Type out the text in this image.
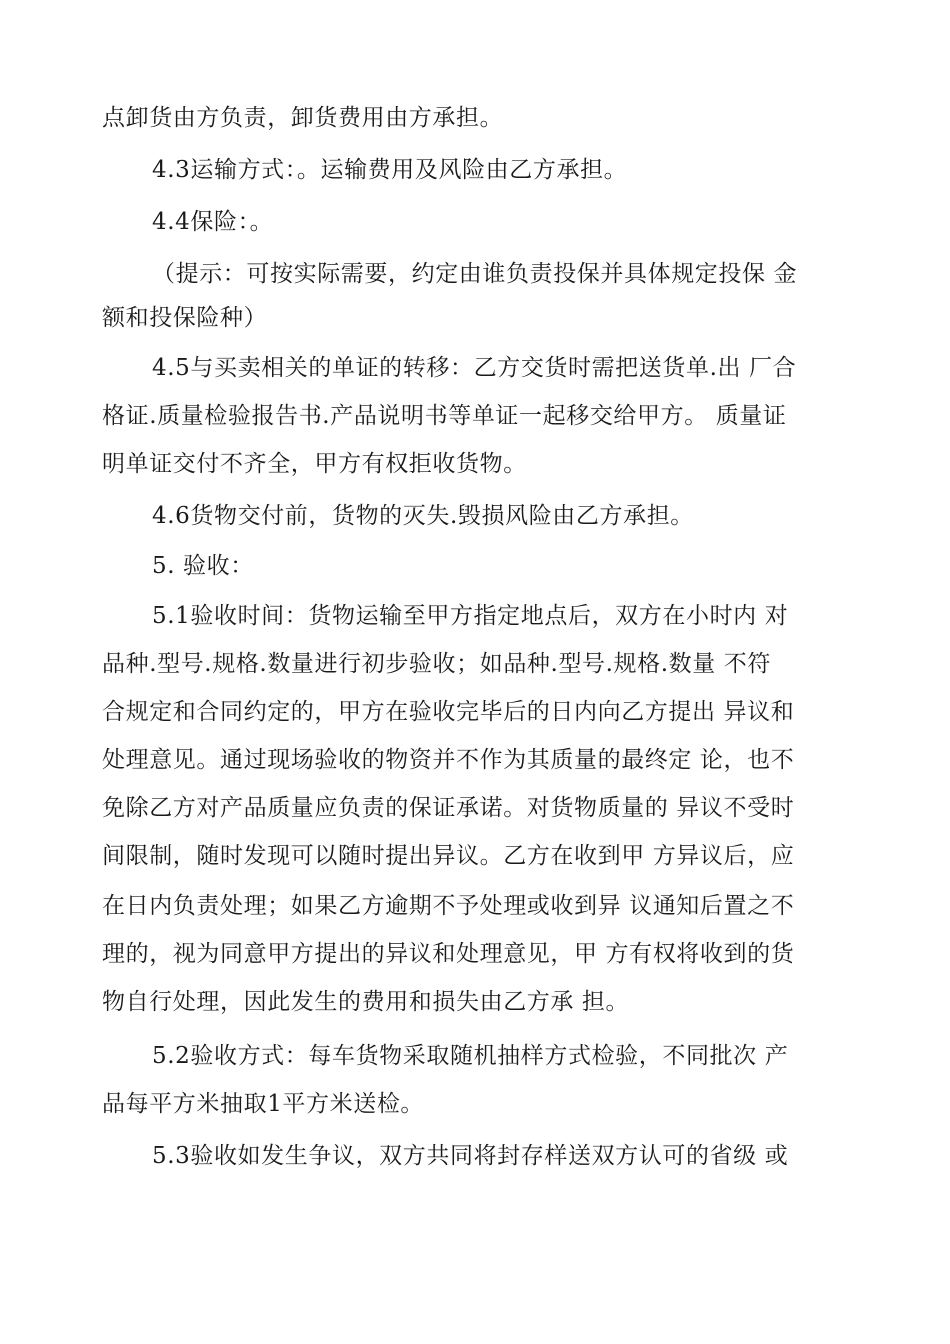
点卸货由方负责，卸货费用由方承担。
4.3运输方式：。运输费用及风险由乙方承担。
4.4保险：。
（提示：可按实际需要，约定由谁负责投保并具体规定投保 金
额和投保险种）
4.5与买卖相关的单证的转移：乙方交货时需把送货单.出 厂合
格证.质量检验报告书.产品说明书等单证一起移交给甲方。 质量证
明单证交付不齐全，甲方有权拒收货物。
4.6货物交付前，货物的灭失.毁损风险由乙方承担。
5. 验收：
5.1验收时间：货物运输至甲方指定地点后，双方在小时内 对
品种.型号.规格.数量进行初步验收；如品种.型号.规格.数量 不符
合规定和合同约定的，甲方在验收完毕后的日内向乙方提出 异议和
处理意见。通过现场验收的物资并不作为其质量的最终定 论，也不
免除乙方对产品质量应负责的保证承诺。对货物质量的 异议不受时
间限制，随时发现可以随时提出异议。乙方在收到甲 方异议后，应
在日内负责处理；如果乙方逾期不予处理或收到异 议通知后置之不
理的，视为同意甲方提出的异议和处理意见，甲 方有权将收到的货
物自行处理，因此发生的费用和损失由乙方承 担。
5.2验收方式：每车货物采取随机抽样方式检验，不同批次 产
品每平方米抽取1平方米送检。
5.3验收如发生争议，双方共同将封存样送双方认可的省级 或
